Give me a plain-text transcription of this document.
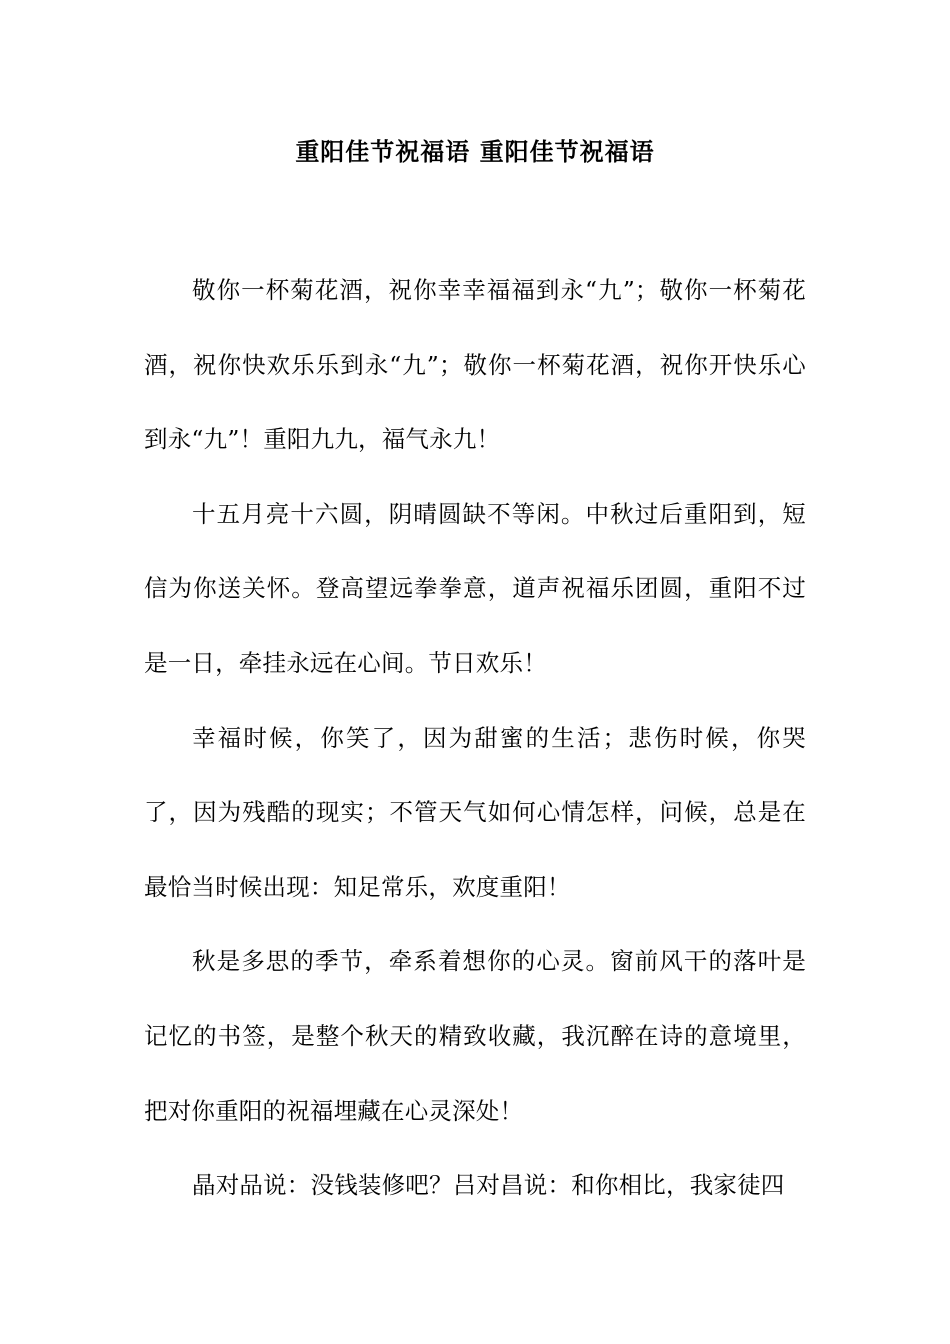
重阳佳节祝福语 重阳佳节祝福语

敬你一杯菊花酒，祝你幸幸福福到永“九”；敬你一杯菊花酒，祝你快欢乐乐到永“九”；敬你一杯菊花酒，祝你开快乐心到永“九”！重阳九九，福气永九！

十五月亮十六圆，阴晴圆缺不等闲。中秋过后重阳到，短信为你送关怀。登高望远拳拳意，道声祝福乐团圆，重阳不过是一日，牵挂永远在心间。节日欢乐！

幸福时候，你笑了，因为甜蜜的生活；悲伤时候，你哭了，因为残酷的现实；不管天气如何心情怎样，问候，总是在最恰当时候出现：知足常乐，欢度重阳！

秋是多思的季节，牵系着想你的心灵。窗前风干的落叶是记忆的书签，是整个秋天的精致收藏，我沉醉在诗的意境里，把对你重阳的祝福埋藏在心灵深处！

晶对品说：没钱装修吧？吕对昌说：和你相比，我家徒四
